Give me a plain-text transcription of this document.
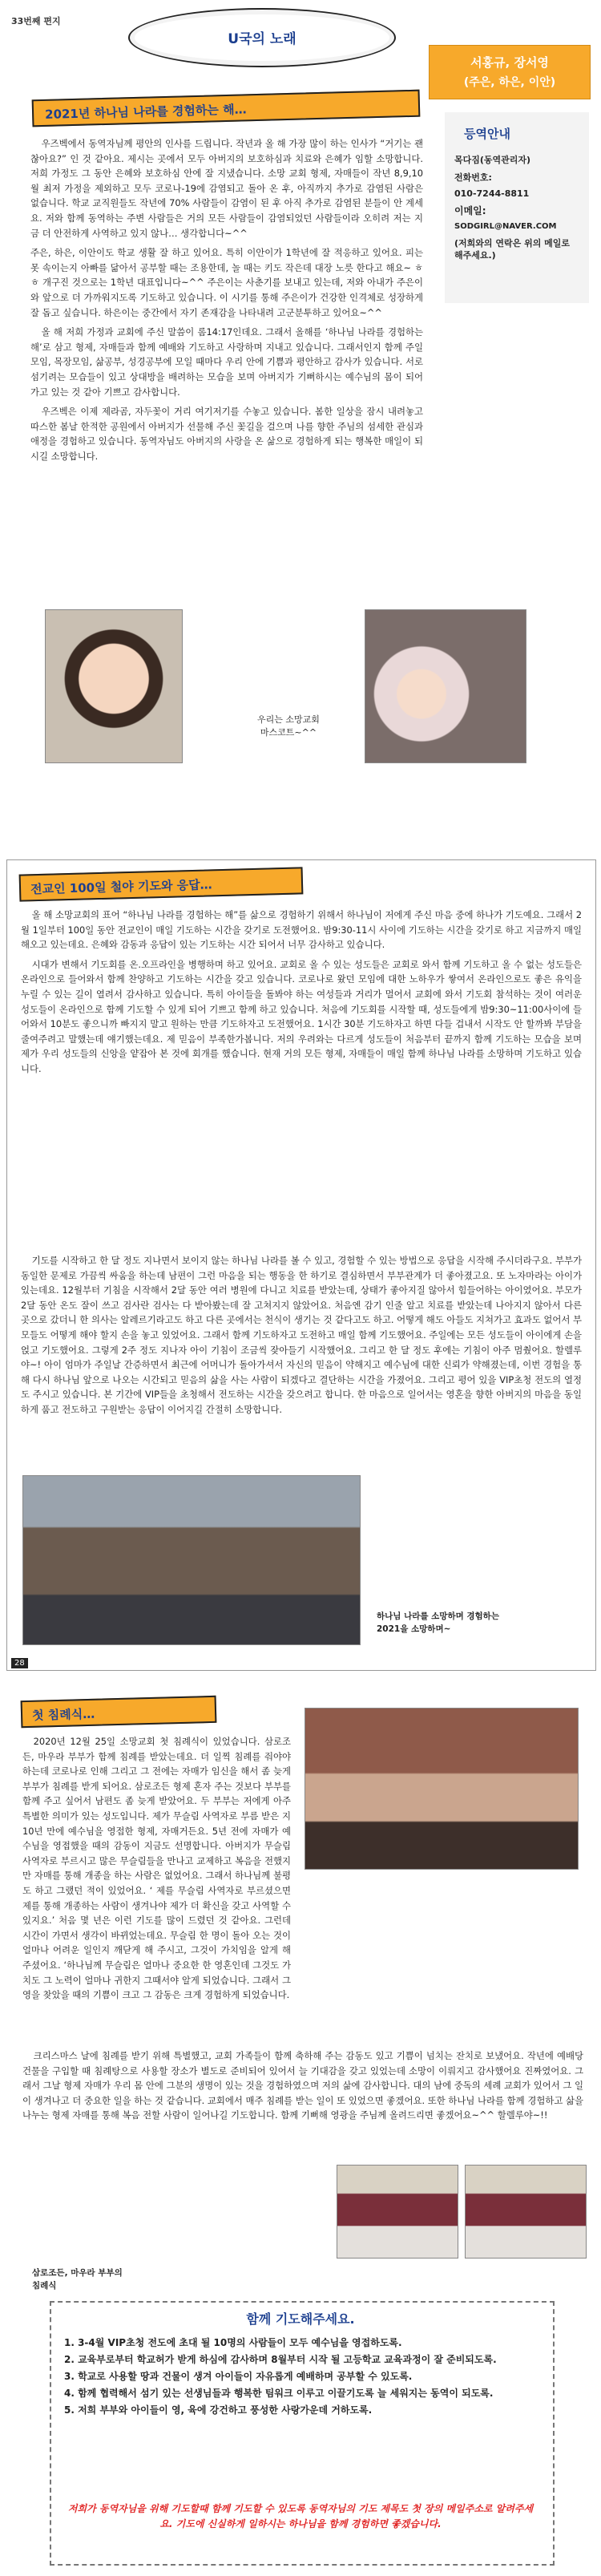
33번째 편지
U국의 노래
서홍규, 장서영
(주은, 하은, 이안)
2021년 하나님 나라를 경험하는 해…

우즈벡에서 동역자님께 평안의 인사를 드립니다. 작년과 올 해 가장 많이 하는 인사가 “거기는 괜찮아요?” 인 것 같아요. 제시는 곳에서 모두 아버지의 보호하심과 치료와 은혜가 임할 소망합니다. 저희 가정도 그 동안 은혜와 보호하심 안에 잘 지냈습니다. 소망 교회 형제, 자매들이 작년 8,9,10월 최저 가정을 제외하고 모두 코로나-19에 감염되고 돌아 온 후, 아직까지 추가로 감염된 사람은 없습니다. 학교 교직원들도 작년에 70% 사람들이 감염이 된 후 아직 추가로 감염된 분들이 안 계세요. 저와 함께 동역하는 주변 사람들은 거의 모든 사람들이 감염되었던 사람들이라 오히려 저는 지금 더 안전하게 사역하고 있지 않나… 생각합니다~^^

주은, 하은, 이안이도 학교 생활 잘 하고 있어요. 특히 이안이가 1학년에 잘 적응하고 있어요. 피는 못 속이는지 아빠를 닮아서 공부할 때는 조용한데, 놀 때는 키도 작은데 대장 노릇 한다고 해요~ ㅎㅎ 개구진 것으로는 1학년 대표입니다~^^ 주은이는 사춘기를 보내고 있는데, 저와 아내가 주은이와 앞으로 더 가까워지도록 기도하고 있습니다. 이 시기를 통해 주은이가 건강한 인격체로 성장하게 잘 돕고 싶습니다. 하은이는 중간에서 자기 존재감을 나타내려 고군분투하고 있어요~^^

올 해 저희 가정과 교회에 주신 말씀이 롬14:17인데요. 그래서 올해를 ‘하나님 나라를 경험하는 해’로 삼고 형제, 자매들과 함께 예배와 기도하고 사랑하며 지내고 있습니다. 그래서인지 함께 주일모임, 목장모임, 삶공부, 성경공부에 모일 때마다 우리 안에 기쁨과 평안하고 감사가 있습니다. 서로 섬기려는 모습들이 있고 상대방을 배려하는 모습을 보며 아버지가 기뻐하시는 예수님의 몸이 되어가고 있는 것 같아 기쁘고 감사합니다.

우즈벡은 이제 제라곰, 자두꽃이 거리 여기저기를 수놓고 있습니다. 봄한 일상을 잠시 내려놓고 따스한 봄날 한적한 공원에서 아버지가 선물해 주신 꽃길을 걸으며 나를 향한 주님의 섬세한 관심과 애정을 경험하고 있습니다. 동역자님도 아버지의 사랑을 온 삶으로 경험하게 되는 행복한 매일이 되시길 소망합니다.

등역안내
목다짐(동역관리자)
전화번호:
010-7244-8811
이메일:
SODGIRL@NAVER.COM
(저희와의 연락은 위의 메일로 해주세요.)
우리는 소망교회
마스코트~^^
전교인 100일 철야 기도와 응답…

올 해 소망교회의 표어 “하나님 나라를 경험하는 해”를 삶으로 경험하기 위해서 하나님이 저에게 주신 마음 중에 하나가 기도예요. 그래서 2월 1일부터 100일 동안 전교인이 매일 기도하는 시간을 갖기로 도전했어요. 밤9:30-11시 사이에 기도하는 시간을 갖기로 하고 지금까지 매일 해오고 있는데요. 은혜와 감동과 응답이 있는 기도하는 시간 되어서 너무 감사하고 있습니다.

시대가 변해서 기도회를 온.오프라인을 병행하며 하고 있어요. 교회로 올 수 있는 성도들은 교회로 와서 함께 기도하고 올 수 없는 성도들은 온라인으로 들어와서 함께 찬양하고 기도하는 시간을 갖고 있습니다. 코로나로 왔던 모임에 대한 노하우가 쌓여서 온라인으로도 좋은 유익을 누릴 수 있는 길이 열려서 감사하고 있습니다. 특히 아이들을 돌봐야 하는 여성들과 거리가 멀어서 교회에 와서 기도회 참석하는 것이 여러운 성도들이 온라인으로 함께 기도할 수 있게 되어 기쁘고 함께 하고 있습니다. 처음에 기도회를 시작할 때, 성도들에게 밤9:30~11:00사이에 들어와서 10분도 좋으니까 빠지지 말고 원하는 만큼 기도하자고 도전했어요. 1시간 30분 기도하자고 하면 다들 겁내서 시작도 안 할까봐 부담을 줄여주려고 말했는데 얘기했는데요. 제 믿음이 부족한가봅니다. 저의 우려와는 다르게 성도들이 처음부터 끝까지 함께 기도하는 모습을 보며 제가 우리 성도들의 신앙을 얕잡아 본 것에 회개를 했습니다. 현재 거의 모든 형제, 자매들이 매일 함께 하나님 나라를 소망하며 기도하고 있습니다.

기도를 시작하고 한 달 정도 지나면서 보이지 않는 하나님 나라를 볼 수 있고, 경험할 수 있는 방법으로 응답을 시작해 주시더라구요. 부부가 동일한 문제로 가끔씩 싸움을 하는데 남편이 그런 마음을 되는 행동을 한 하기로 결심하면서 부부관계가 더 좋아졌고요. 또 노자마라는 아이가 있는데요. 12월부터 기침을 시작해서 2달 동안 여러 병원에 다니고 치료를 받았는데, 상태가 좋아지질 않아서 힘들어하는 아이였어요. 부모가 2달 동안 온도 잘이 쓰고 검사란 검사는 다 받아봤는데 잘 고쳐지지 않았어요. 처음엔 감기 인줄 알고 치료를 받았는데 나아지지 않아서 다른 곳으로 갔더니 한 의사는 알레르기라고도 하고 다른 곳에서는 천식이 생기는 것 같다고도 하고. 어떻게 해도 아들도 지쳐가고 효과도 없어서 부모들도 어떻게 해야 할지 손을 놓고 있었어요. 그래서 함께 기도하자고 도전하고 매일 함께 기도했어요. 주일에는 모든 성도들이 아이에게 손을 얹고 기도했어요. 그렇게 2주 정도 지나자 아이 기침이 조금씩 잦아들기 시작했어요. 그리고 한 달 정도 후에는 기침이 아주 멈췄어요. 할렐루야~! 아이 엄마가 주일날 간증하면서 최근에 어머니가 돌아가셔서 자신의 믿음이 약해지고 예수님에 대한 신뢰가 약해졌는데, 이번 경험을 통해 다시 하나님 앞으로 나오는 시간되고 믿음의 삶을 사는 사람이 되겠다고 결단하는 시간을 가졌어요. 그리고 평어 있을 VIP초청 전도의 열정도 주시고 있습니다. 본 기간에 VIP들을 초청해서 전도하는 시간을 갖으려고 합니다. 한 마음으로 일어서는 영혼을 향한 아버지의 마음을 동일하게 품고 전도하고 구원받는 응답이 이어지길 간절히 소망합니다.

하나님 나라를 소망하며 경험하는
2021을 소망하며~
28
첫 침례식…

2020년 12월 25일 소망교회 첫 침례식이 있었습니다. 삼로조든, 마우라 부부가 함께 침례를 받았는데요. 더 일찍 침례를 줘야야 하는데 코로나로 인해 그리고 그 전에는 자매가 임신을 해서 좀 늦게 부부가 침례를 받게 되어요. 삼로조든 형제 혼자 주는 것보다 부부를 함께 주고 싶어서 남편도 좀 늦게 받았어요. 두 부부는 저에게 아주 특별한 의미가 있는 성도입니다. 제가 무슬림 사역자로 부름 받은 지 10년 만에 예수님을 영접한 형제, 자매거든요. 5년 전에 자매가 예수님을 영접했을 때의 감동이 지금도 선명합니다. 아버지가 무슬림 사역자로 부르시고 많은 무슬림들을 만나고 교제하고 복음을 전했지만 자매를 통해 개종을 하는 사람은 없었어요. 그래서 하나님께 불평도 하고 그랬던 적이 있었어요. ‘ 제를 무슬림 사역자로 부르셨으면 제를 통해 개종하는 사람이 생겨나야 제가 더 확신을 갖고 사역할 수 있지요.’ 처음 몇 년은 이런 기도를 많이 드렸던 것 같아요. 그런데 시간이 가면서 생각이 바뀌었는데요. 무슬림 한 명이 돌아 오는 것이 얼마나 어려운 일인지 깨닫게 해 주시고, 그것이 가치임을 알게 해 주셨어요. ‘하나님께 무슬림은 얼마나 중요한 한 영혼인데 그것도 가치도 그 노력이 얼마나 귀한지 그때서야 알게 되었습니다. 그래서 그 영을 찾았을 때의 기쁨이 크고 그 감동은 크게 경험하게 되었습니다.

크리스마스 날에 침례를 받기 위해 특별했고, 교회 가족들이 함께 축하해 주는 감동도 있고 기쁨이 넘치는 잔치로 보냈어요. 작년에 예배당 건물을 구입할 때 침례탕으로 사용할 장소가 별도로 준비되어 있어서 늘 기대감을 갖고 있었는데 소망이 이뤄지고 감사했어요 진짜였어요. 그래서 그날 형제 자매가 우리 몸 안에 그분의 생명이 있는 것을 경험하였으며 저의 삶에 감사합니다. 대의 남에 중독의 세례 교회가 있어서 그 일이 생겨나고 더 중요한 일을 하는 것 같습니다. 교회에서 매주 침례를 받는 일이 또 있었으면 좋겠어요. 또한 하나님 나라를 함께 경험하고 삶을 나누는 형제 자매를 통해 복음 전할 사람이 일어나길 기도합니다. 함께 기뻐해 영광을 주님께 올려드리면 좋겠어요~^^ 할렐루야~!!

삼로조든, 마우라 부부의
침례식
함께 기도해주세요.
1. 3-4월 VIP초청 전도에 초대 될 10명의 사람들이 모두 예수님을 영접하도록.
2. 교육부로부터 학교허가 받게 하심에 감사하며 8월부터 시작 될 고등학교 교육과정이 잘 준비되도록.
3. 학교로 사용할 땅과 건물이 생겨 아이들이 자유롭게 예배하며 공부할 수 있도록.
4. 함께 협력해서 섬기 있는 선생님들과 행복한 팀워크 이루고 이끌기도록 늘 세워지는 동역이 되도록.
5. 저희 부부와 아이들이 영, 육에 강건하고 풍성한 사랑가운데 거하도록.
저희가 동역자님을 위해 기도할때 함께 기도할 수 있도록 동역자님의 기도 제목도 첫 장의 메일주소로 알려주세요. 기도에 신실하게 일하시는 하나님을 함께 경험하면 좋겠습니다.
